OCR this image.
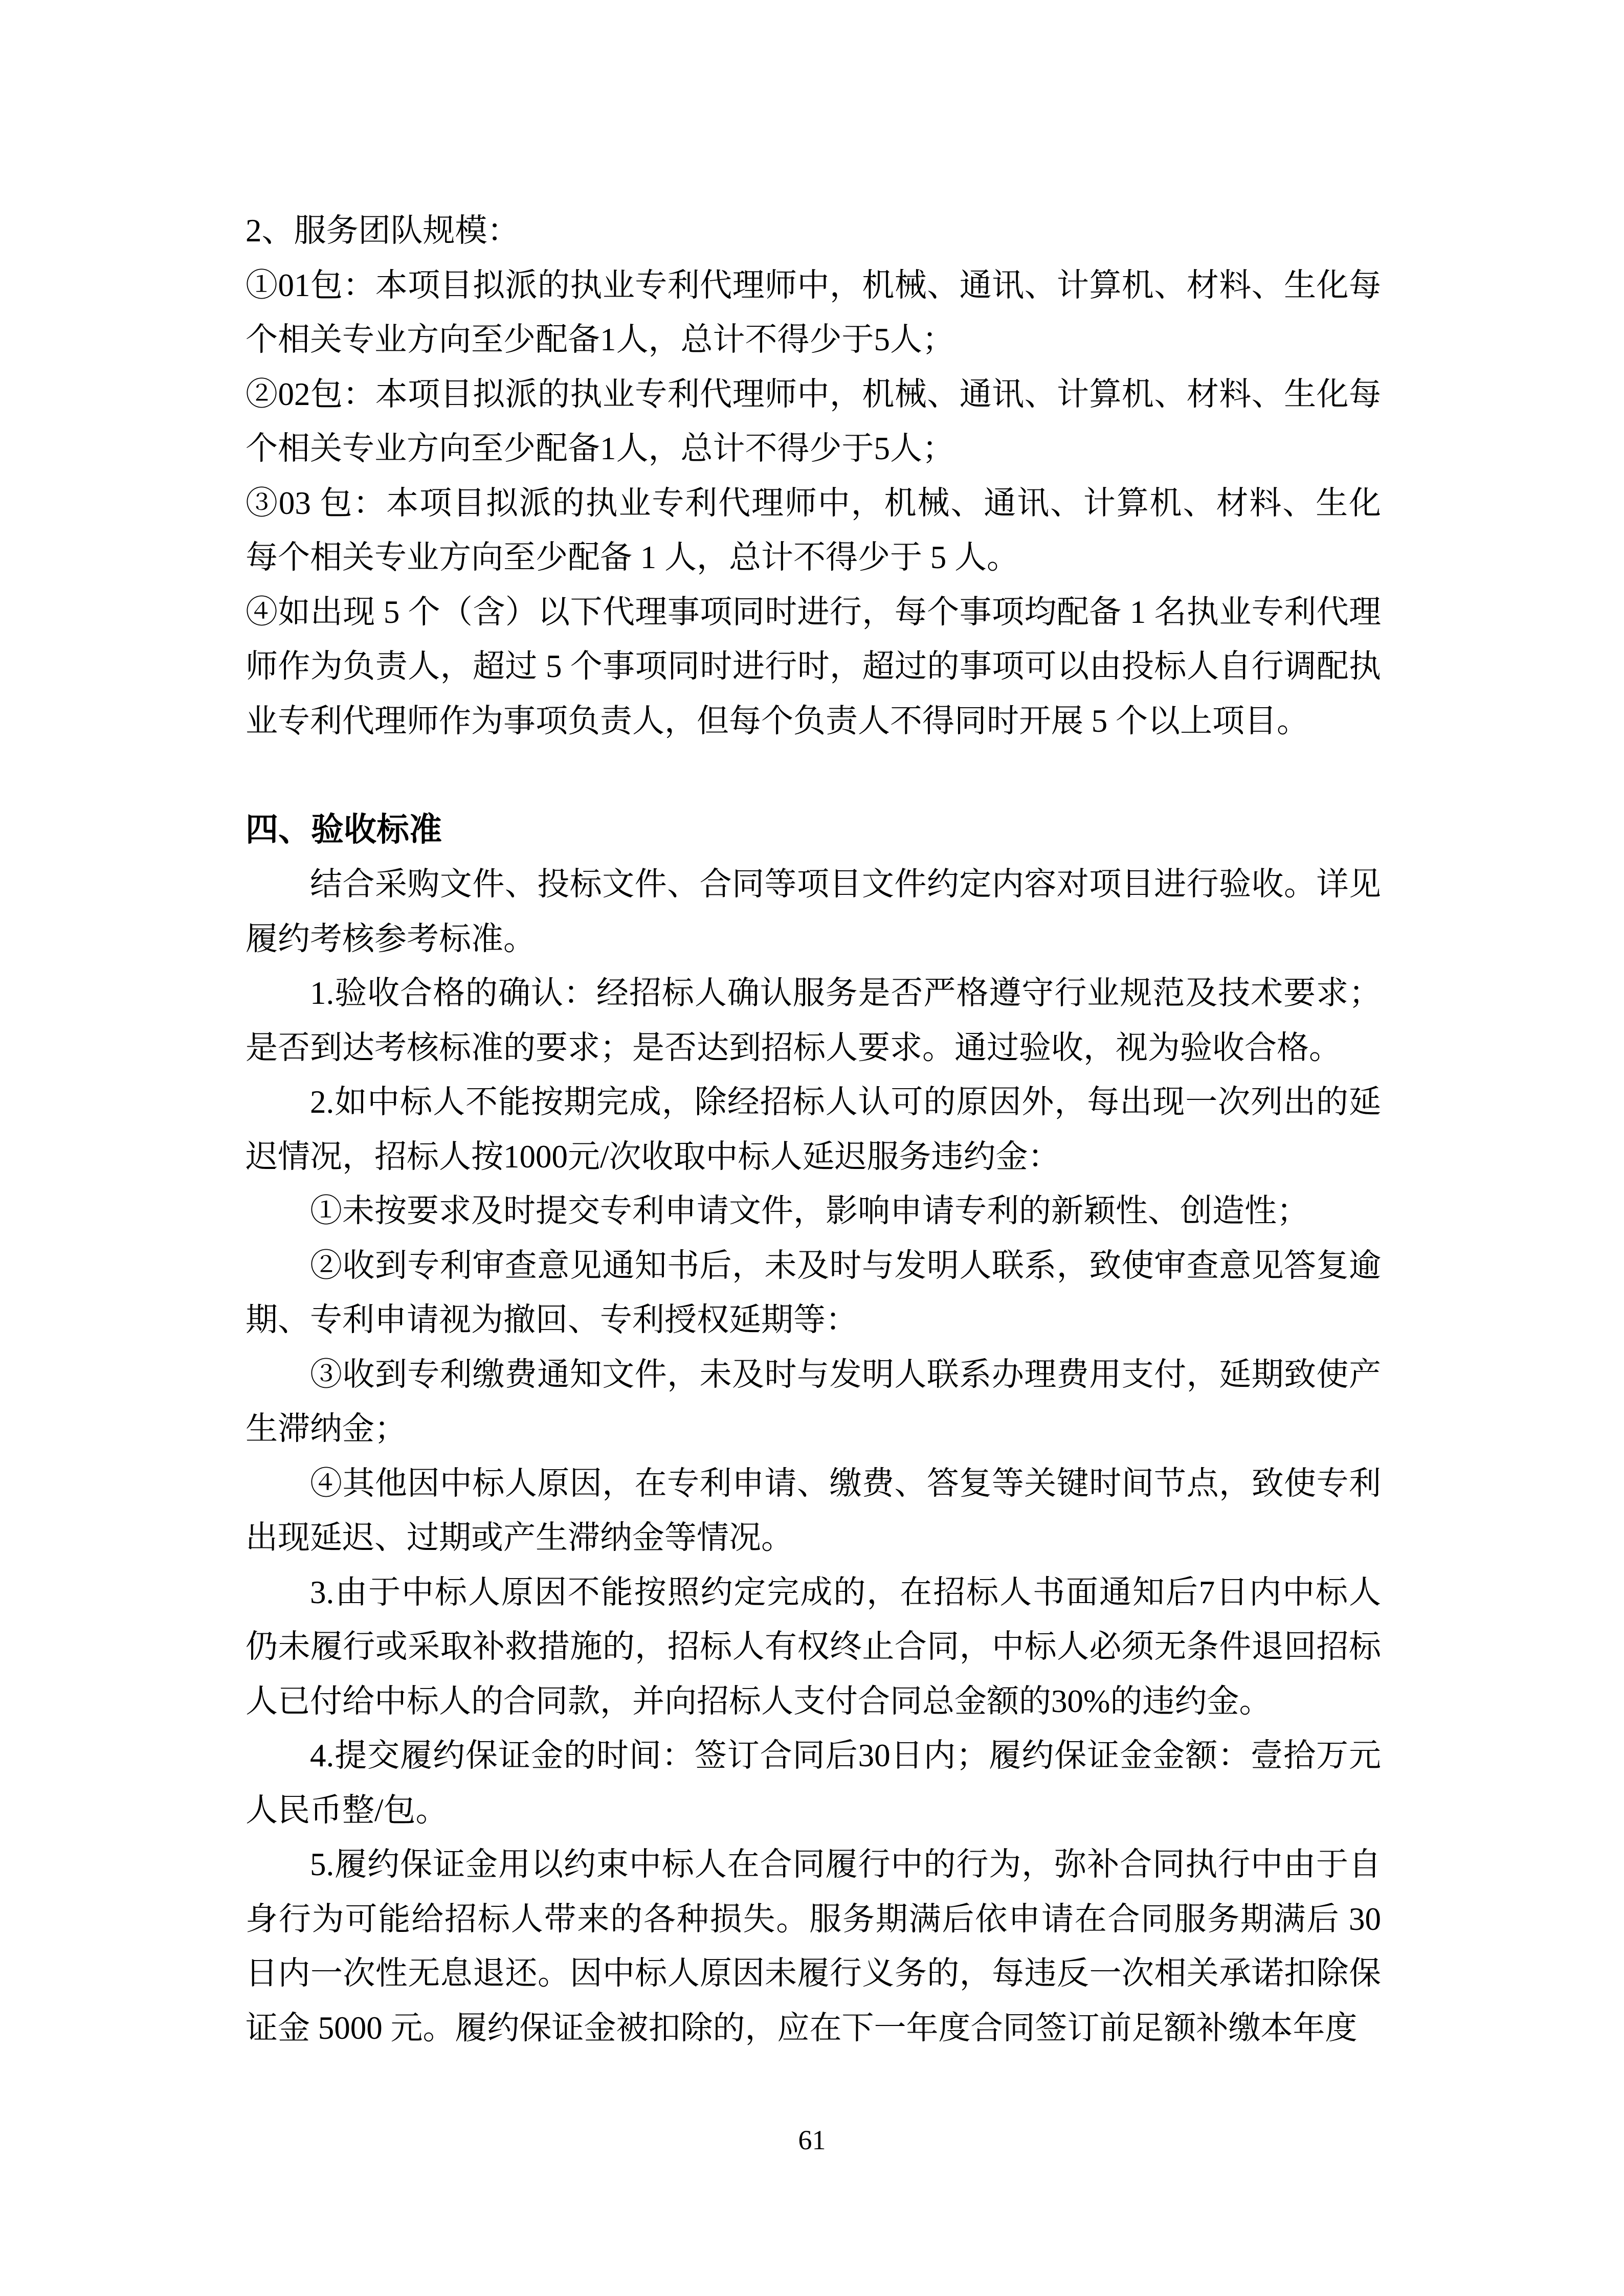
2、服务团队规模：

①01包：本项目拟派的执业专利代理师中，机械、通讯、计算机、材料、生化每个相关专业方向至少配备1人，总计不得少于5人；

②02包：本项目拟派的执业专利代理师中，机械、通讯、计算机、材料、生化每个相关专业方向至少配备1人，总计不得少于5人；

③03 包：本项目拟派的执业专利代理师中，机械、通讯、计算机、材料、生化每个相关专业方向至少配备 1 人，总计不得少于 5 人。

④如出现 5 个（含）以下代理事项同时进行，每个事项均配备 1 名执业专利代理师作为负责人，超过 5 个事项同时进行时，超过的事项可以由投标人自行调配执业专利代理师作为事项负责人，但每个负责人不得同时开展 5 个以上项目。

四、验收标准

结合采购文件、投标文件、合同等项目文件约定内容对项目进行验收。详见履约考核参考标准。

1.验收合格的确认：经招标人确认服务是否严格遵守行业规范及技术要求；是否到达考核标准的要求；是否达到招标人要求。通过验收，视为验收合格。

2.如中标人不能按期完成，除经招标人认可的原因外，每出现一次列出的延迟情况，招标人按1000元/次收取中标人延迟服务违约金：

①未按要求及时提交专利申请文件，影响申请专利的新颖性、创造性；

②收到专利审查意见通知书后，未及时与发明人联系，致使审查意见答复逾期、专利申请视为撤回、专利授权延期等：

③收到专利缴费通知文件，未及时与发明人联系办理费用支付，延期致使产生滞纳金；

④其他因中标人原因，在专利申请、缴费、答复等关键时间节点，致使专利出现延迟、过期或产生滞纳金等情况。

3.由于中标人原因不能按照约定完成的，在招标人书面通知后7日内中标人仍未履行或采取补救措施的，招标人有权终止合同，中标人必须无条件退回招标人已付给中标人的合同款，并向招标人支付合同总金额的30%的违约金。

4.提交履约保证金的时间：签订合同后30日内；履约保证金金额：壹拾万元人民币整/包。

5.履约保证金用以约束中标人在合同履行中的行为，弥补合同执行中由于自身行为可能给招标人带来的各种损失。服务期满后依申请在合同服务期满后 30 日内一次性无息退还。因中标人原因未履行义务的，每违反一次相关承诺扣除保证金 5000 元。履约保证金被扣除的，应在下一年度合同签订前足额补缴本年度

61
